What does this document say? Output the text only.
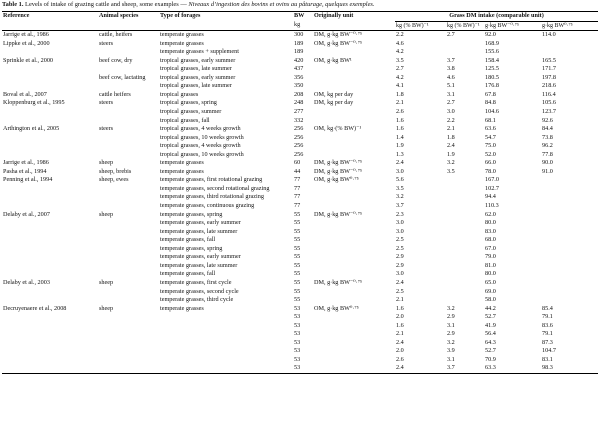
Table 1. Levels of intake of grazing cattle and sheep, some examples — Niveaux d’ingestion des bovins et ovins au pâturage, quelques exemples.
Reference	Animal species	Type of forages	BW	Originally unit	Grass DM intake (comparable unit)			
			kg		kg (% BW)⁻¹	kg (% BW)⁻¹	g·kg BW⁻⁰·⁷⁵	g·kg BW⁰·⁷⁵
Jarrige et al., 1986	cattle, heifers	temperate grasses	300	DM, g·kg BW⁻⁰·⁷⁵	2.2	2.7	92.0	114.0
Lippke et al., 2000	steers	temperate grasses	189	OM, g·kg BW⁻⁰·⁷⁵	4.6		168.9	
		temperate grasses + supplement	189		4.2		155.6	
Sprinkle et al., 2000	beef cow, dry	tropical grasses, early summer	420	OM, g·kg BW¹	3.5	3.7	158.4	165.5
		tropical grasses, late summer	437		2.7	3.8	125.5	171.7
	beef cow, lactating	tropical grasses, early summer	356		4.2	4.6	180.5	197.8
		tropical grasses, late summer	350		4.1	5.1	176.8	218.6
Boval et al., 2007	cattle heifers	tropical grasses	208	OM, kg per day	1.8	3.1	67.8	116.4
Kloppenburg et al., 1995	steers	tropical grasses, spring	248	DM, kg per day	2.1	2.7	84.8	105.6
		tropical grasses, summer	277		2.6	3.0	104.6	123.7
		tropical grasses, fall	332		1.6	2.2	68.1	92.6
Arthington et al., 2005	steers	tropical grasses, 4 weeks growth	256	OM, kg·(% BW)⁻¹	1.6	2.1	63.6	84.4
		tropical grasses, 10 weeks growth	256		1.4	1.8	54.7	73.8
		tropical grasses, 4 weeks growth	256		1.9	2.4	75.0	96.2
		tropical grasses, 10 weeks growth	256		1.3	1.9	52.0	77.8
Jarrige et al., 1986	sheep	temperate grasses	60	DM, g·kg BW⁻⁰·⁷⁵	2.4	3.2	66.0	90.0
Pasha et al., 1994	sheep, brebis	temperate grasses	44	DM, g·kg BW⁻⁰·⁷⁵	3.0	3.5	78.0	91.0
Penning et al., 1994	sheep, ewes	temperate grasses, first rotational grazing	77	OM, g·kg BW⁰·⁷⁵	5.6		167.0	
		temperate grasses, second rotational grazing	77		3.5		102.7	
		temperate grasses, third rotational grazing	77		3.2		94.4	
		temperate grasses, continuous grazing	77		3.7		110.3	
Delaby et al., 2007	sheep	temperate grasses, spring	55	DM, g·kg BW⁻⁰·⁷⁵	2.3		62.0	
		temperate grasses, early summer	55		3.0		80.0	
		temperate grasses, late summer	55		3.0		83.0	
		temperate grasses, fall	55		2.5		68.0	
		temperate grasses, spring	55		2.5		67.0	
		temperate grasses, early summer	55		2.9		79.0	
		temperate grasses, late summer	55		2.9		81.0	
		temperate grasses, fall	55		3.0		80.0	
Delaby et al., 2003	sheep	temperate grasses, first cycle	55	DM, g·kg BW⁻⁰·⁷⁵	2.4		65.0	
		temperate grasses, second cycle	55		2.5		69.0	
		temperate grasses, third cycle	55		2.1		58.0	
Decruyenaere et al., 2008	sheep	temperate grasses	53	OM, g·kg BW⁰·⁷⁵	1.6	3.2	44.2	85.4
			53		2.0	2.9	52.7	79.1
			53		1.6	3.1	41.9	83.6
			53		2.1	2.9	56.4	79.1
			53		2.4	3.2	64.3	87.3
			53		2.0	3.9	52.7	104.7
			53		2.6	3.1	70.9	83.1
			53		2.4	3.7	63.3	98.3
